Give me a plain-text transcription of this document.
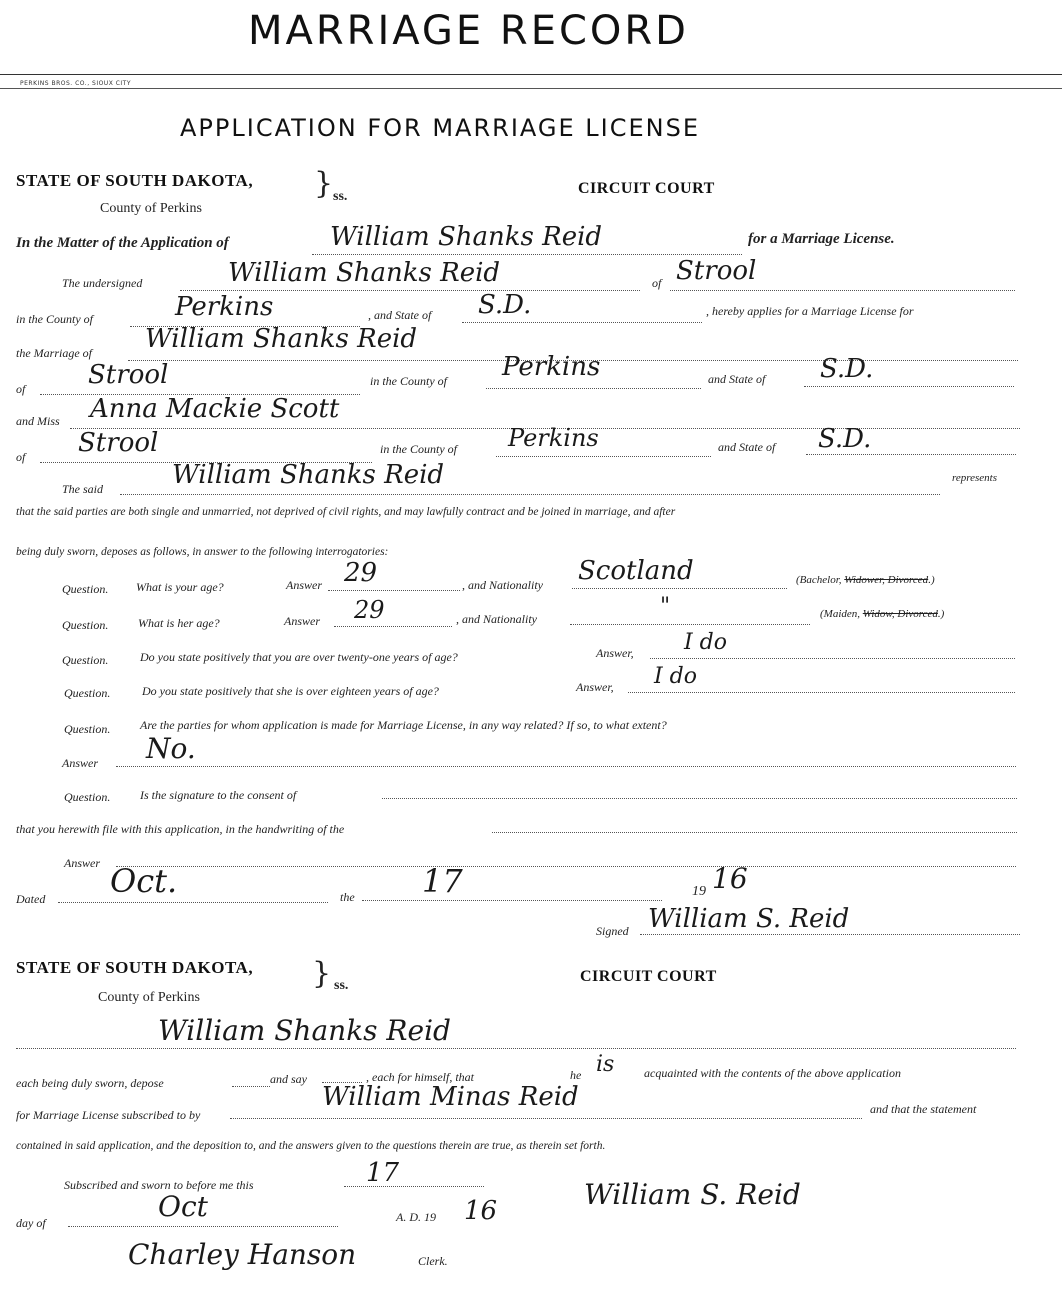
MARRIAGE RECORD
PERKINS BROS. CO., SIOUX CITY
APPLICATION FOR MARRIAGE LICENSE
STATE OF SOUTH DAKOTA,
County of Perkins
} ss.	CIRCUIT COURT
In the Matter of the Application of	William Shanks Reid	for a Marriage License.
The undersigned	William Shanks Reid	of Strool
in the County of	Perkins	, and State of S.D.	, hereby applies for a Marriage License for
the Marriage of William Shanks Reid
of Strool	in the County of Perkins	and State of S.D.
and Miss Anna Mackie Scott
of Strool	in the County of Perkins	and State of S.D.
The said	William Shanks Reid	represents
that the said parties are both single and unmarried, not deprived of civil rights, and may lawfully contract and be joined in marriage, and after
being duly sworn, deposes as follows, in answer to the following interrogatories:
Question. What is your age?	Answer 29	, and Nationality Scotland	(Bachelor, Widower, Divorced.)
Question. What is her age?	Answer 29	, and Nationality	"	(Maiden, Widow, Divorced.)
Question.	Do you state positively that you are over twenty-one years of age?	Answer, I do
Question.	Do you state positively that she is over eighteen years of age?	Answer, I do
Question. Are the parties for whom application is made for Marriage License, in any way related? If so, to what extent?
Answer No.
Question. Is the signature to the consent of
that you herewith file with this application, in the handwriting of the
Answer
Dated Oct.	the 17	19 16
Signed William S. Reid
STATE OF SOUTH DAKOTA,
County of Perkins
} ss.
CIRCUIT COURT
William Shanks Reid
each being duly sworn, depose	and say	, each for himself, that	he is acquainted with the contents of the above application
for Marriage License subscribed to by
William Minas Reid	and that the statement
contained in said application, and the deposition to, and the answers given to the questions therein are true, as therein set forth.
Subscribed and sworn to before me this	17
day of	Oct	A. D. 19 16	William S. Reid
Charley Hanson	Clerk.
